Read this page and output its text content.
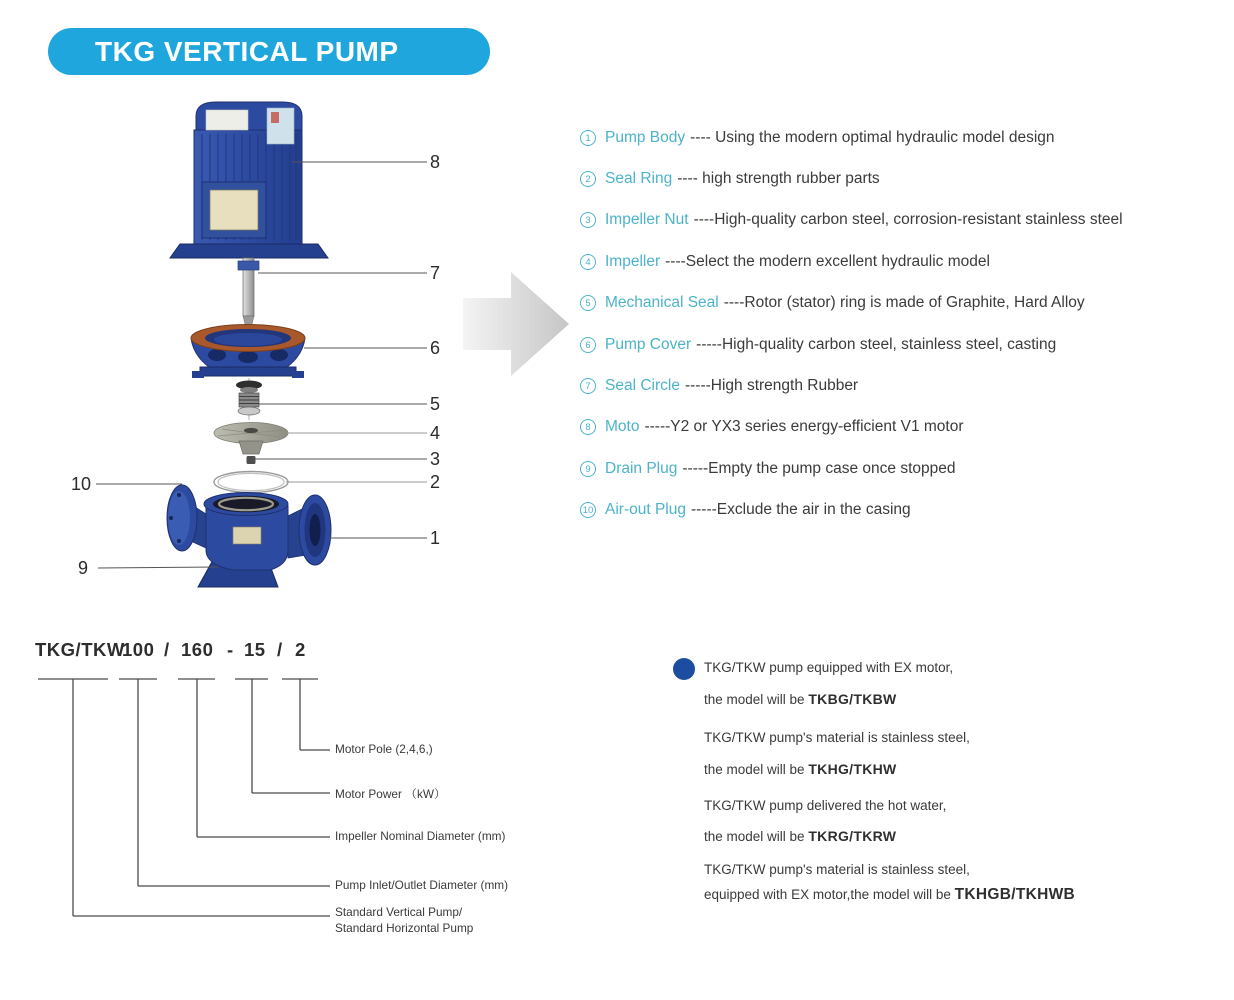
TKG VERTICAL PUMP
8
7
6
5
4
3
2
1
10
9
1 Pump Body ---- Using the modern optimal hydraulic model design
2 Seal Ring ---- high strength rubber parts
3 Impeller Nut ----High-quality carbon steel, corrosion-resistant stainless steel
4 Impeller ----Select the modern excellent hydraulic model
5 Mechanical Seal ----Rotor (stator) ring is made of Graphite, Hard Alloy
6 Pump Cover -----High-quality carbon steel, stainless steel, casting
7 Seal Circle -----High strength Rubber
8 Moto -----Y2 or YX3 series energy-efficient V1 motor
9 Drain Plug -----Empty the pump case once stopped
10 Air-out Plug -----Exclude the air in the casing
TKG/TKW
100 / 160 - 15 / 2
Motor Pole (2,4,6,)
Motor Power （kW）
Impeller Nominal Diameter (mm)
Pump Inlet/Outlet Diameter (mm)
Standard Vertical Pump/
Standard Horizontal Pump
TKG/TKW pump equipped with EX motor,
the model will be TKBG/TKBW
TKG/TKW pump's material is stainless steel,
the model will be TKHG/TKHW
TKG/TKW pump delivered the hot water,
the model will be TKRG/TKRW
TKG/TKW pump's material is stainless steel,
equipped with EX motor,the model will be TKHGB/TKHWB
